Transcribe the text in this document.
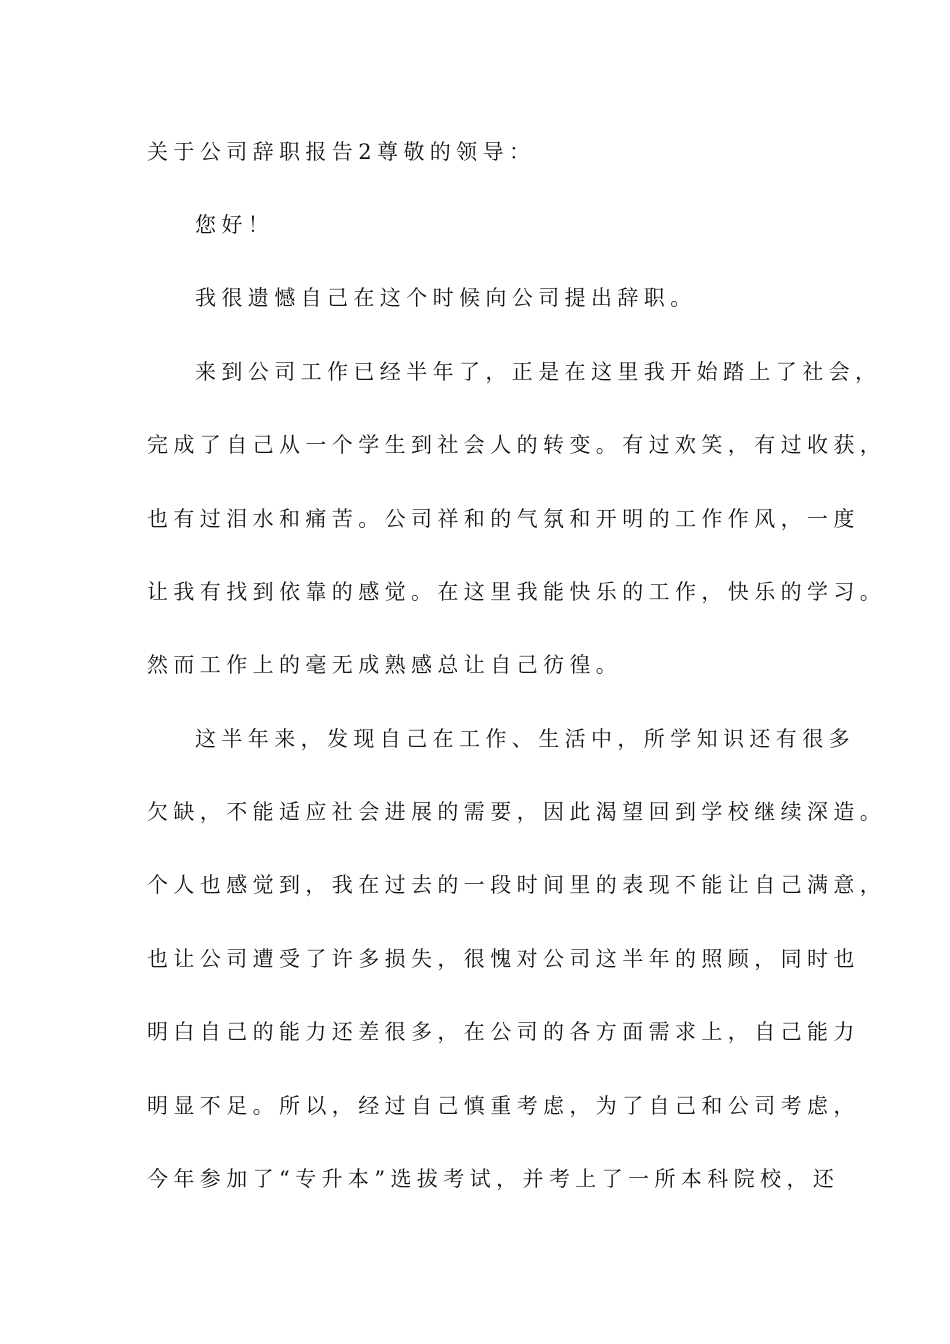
关于公司辞职报告2尊敬的领导：
您好！
我很遗憾自己在这个时候向公司提出辞职。
来到公司工作已经半年了，正是在这里我开始踏上了社会，
完成了自己从一个学生到社会人的转变。有过欢笑，有过收获，
也有过泪水和痛苦。公司祥和的气氛和开明的工作作风，一度
让我有找到依靠的感觉。在这里我能快乐的工作，快乐的学习。
然而工作上的毫无成熟感总让自己彷徨。
这半年来，发现自己在工作、生活中，所学知识还有很多
欠缺，不能适应社会进展的需要，因此渴望回到学校继续深造。
个人也感觉到，我在过去的一段时间里的表现不能让自己满意，
也让公司遭受了许多损失，很愧对公司这半年的照顾，同时也
明白自己的能力还差很多，在公司的各方面需求上，自己能力
明显不足。所以，经过自己慎重考虑，为了自己和公司考虑，
今年参加了“专升本”选拔考试，并考上了一所本科院校，还
